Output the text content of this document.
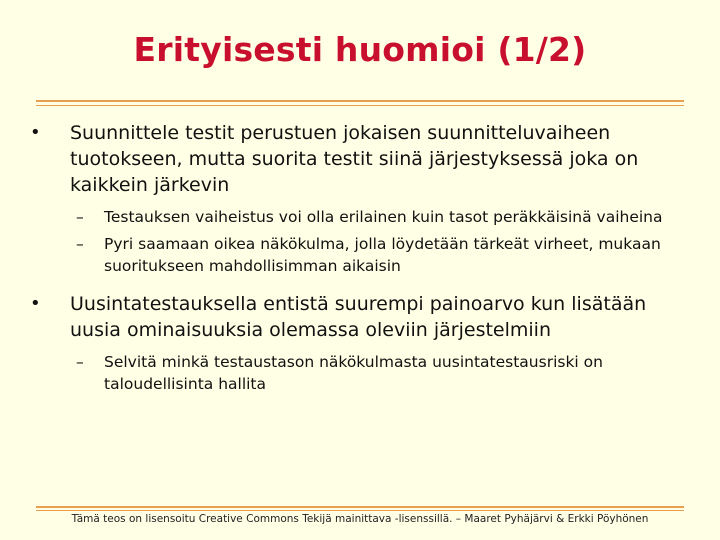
Erityisesti huomioi (1/2)
• Suunnittele testit perustuen jokaisen suunnitteluvaiheen tuotokseen, mutta suorita testit siinä järjestyksessä joka on kaikkein järkevin
– Testauksen vaiheistus voi olla erilainen kuin tasot peräkkäisinä vaiheina
– Pyri saamaan oikea näkökulma, jolla löydetään tärkeät virheet, mukaan suoritukseen mahdollisimman aikaisin
• Uusintatestauksella entistä suurempi painoarvo kun lisätään uusia ominaisuuksia olemassa oleviin järjestelmiin
– Selvitä minkä testaustason näkökulmasta uusintatestausriski on taloudellisinta hallita
Tämä teos on lisensoitu Creative Commons Tekijä mainittava -lisenssillä. – Maaret Pyhäjärvi & Erkki Pöyhönen
